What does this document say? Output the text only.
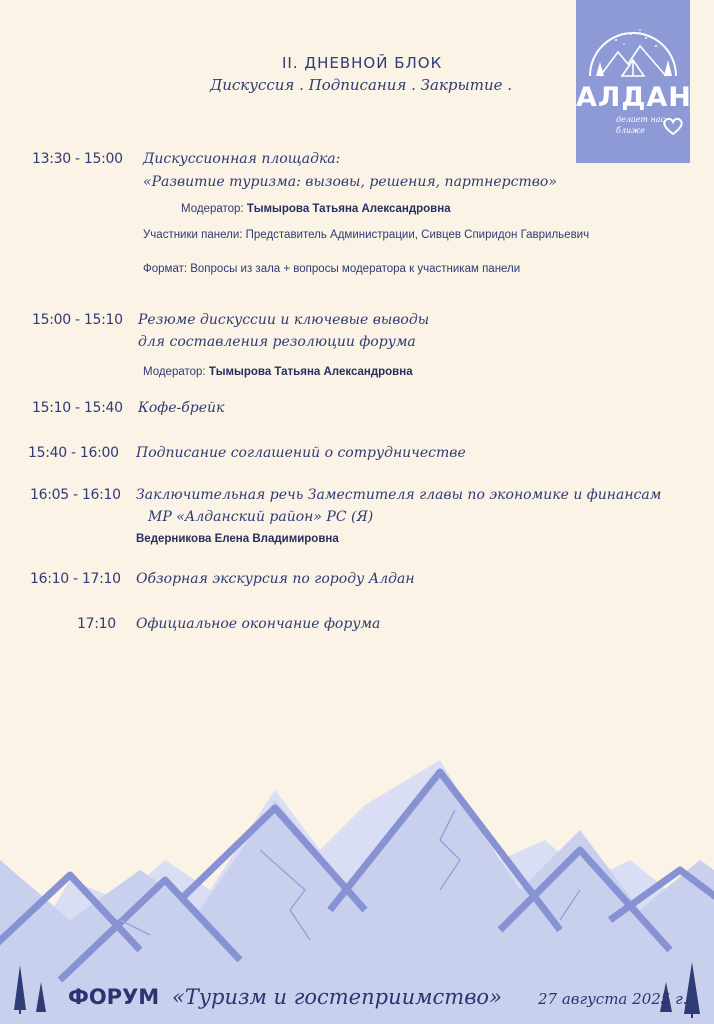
АЛДАН
делает нас ближе
II. ДНЕВНОЙ БЛОК
Дискуссия . Подписания . Закрытие .
13:30 - 15:00 Дискуссионная площадка:
«Развитие туризма: вызовы, решения, партнерство»
Модератор: Тымырова Татьяна Александровна
Участники панели: Представитель Администрации, Сивцев Спиридон Гаврильевич
Формат: Вопросы из зала + вопросы модератора к участникам панели
15:00 - 15:10 Резюме дискуссии и ключевые выводы
для составления резолюции форума
Модератор: Тымырова Татьяна Александровна
15:10 - 15:40 Кофе-брейк
15:40 - 16:00 Подписание соглашений о сотрудничестве
16:05 - 16:10 Заключительная речь Заместителя главы по экономике и финансам
МР «Алданский район» РС (Я)
Ведерникова Елена Владимировна
16:10 - 17:10 Обзорная экскурсия по городу Алдан
17:10 Официальное окончание форума
ФОРУМ «Туризм и гостеприимство» 27 августа 2025 г.
